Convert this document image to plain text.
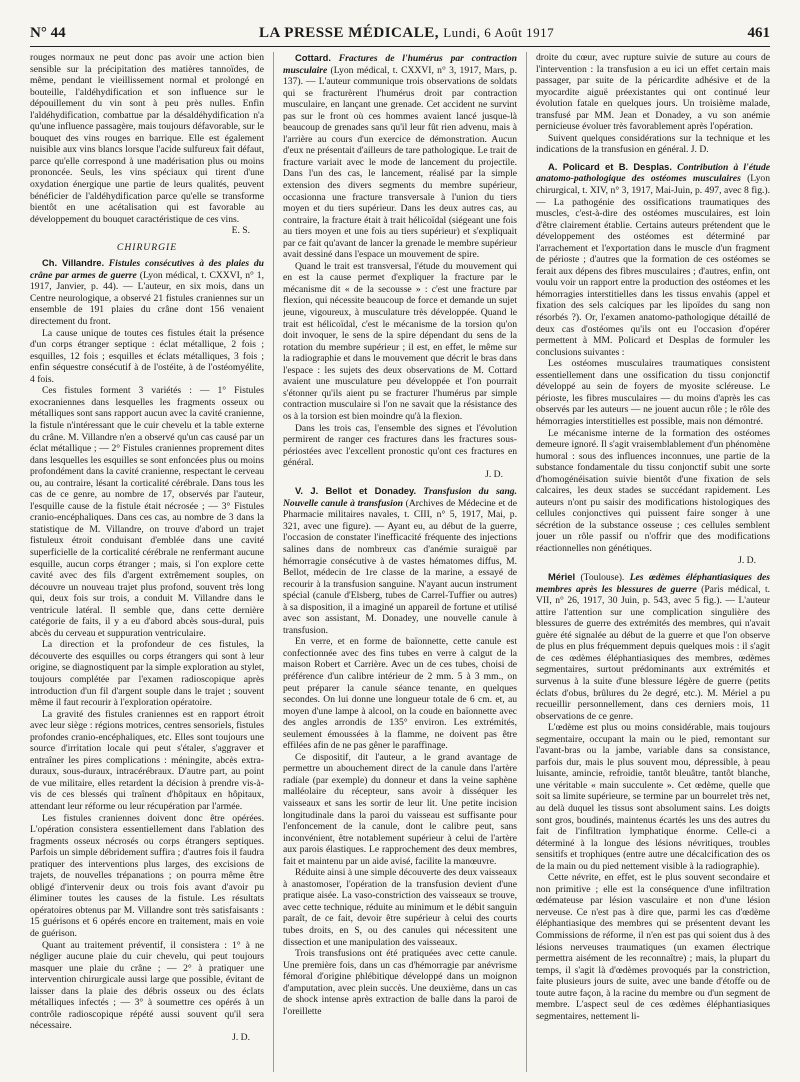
N° 44	LA PRESSE MÉDICALE, Lundi, 6 Août 1917	461

rouges normaux ne peut donc pas avoir une action bien sensible sur la précipitation des matières tannoïdes, de même, pendant le vieillissement normal et prolongé en bouteille, l'aldéhydification et son influence sur le dépouillement du vin sont à peu près nulles. Enfin l'aldéhydification, combattue par la désaldéhydification n'a qu'une influence passagère, mais toujours défavorable, sur le bouquet des vins rouges en barrique. Elle est également nuisible aux vins blancs lorsque l'acide sulfureux fait défaut, parce qu'elle correspond à une madérisation plus ou moins prononcée. Seuls, les vins spéciaux qui tirent d'une oxydation énergique une partie de leurs qualités, peuvent bénéficier de l'aldéhydification parce qu'elle se transforme bientôt en une acétalisation qui est favorable au développement du bouquet caractéristique de ces vins.

E. S.
CHIRURGIE

Ch. Villandre. Fistules consécutives à des plaies du crâne par armes de guerre (Lyon médical, t. CXXVI, n° 1, 1917, Janvier, p. 44). — L'auteur, en six mois, dans un Centre neurologique, a observé 21 fistules craniennes sur un ensemble de 191 plaies du crâne dont 156 venaient directement du front.

La cause unique de toutes ces fistules était la présence d'un corps étranger septique : éclat métallique, 2 fois ; esquilles, 12 fois ; esquilles et éclats métalliques, 3 fois ; enfin séquestre consécutif à de l'ostéite, à de l'ostéomyélite, 4 fois.

Ces fistules forment 3 variétés : — 1° Fistules exocraniennes dans lesquelles les fragments osseux ou métalliques sont sans rapport aucun avec la cavité cranienne, la fistule n'intéressant que le cuir chevelu et la table externe du crâne. M. Villandre n'en a observé qu'un cas causé par un éclat métallique ; — 2° Fistules craniennes proprement dites dans lesquelles les esquilles se sont enfoncées plus ou moins profondément dans la cavité cranienne, respectant le cerveau ou, au contraire, lésant la corticalité cérébrale. Dans tous les cas de ce genre, au nombre de 17, observés par l'auteur, l'esquille cause de la fistule était nécrosée ; — 3° Fistules cranio-encéphaliques. Dans ces cas, au nombre de 3 dans la statistique de M. Villandre, on trouve d'abord un trajet fistuleux étroit conduisant d'emblée dans une cavité superficielle de la corticalité cérébrale ne renfermant aucune esquille, aucun corps étranger ; mais, si l'on explore cette cavité avec des fils d'argent extrêmement souples, on découvre un nouveau trajet plus profond, souvent très long qui, deux fois sur trois, a conduit M. Villandre dans le ventricule latéral. Il semble que, dans cette dernière catégorie de faits, il y a eu d'abord abcès sous-dural, puis abcès du cerveau et suppuration ventriculaire.

La direction et la profondeur de ces fistules, la découverte des esquilles ou corps étrangers qui sont à leur origine, se diagnostiquent par la simple exploration au stylet, toujours complétée par l'examen radioscopique après introduction d'un fil d'argent souple dans le trajet ; souvent même il faut recourir à l'exploration opératoire.

La gravité des fistules craniennes est en rapport étroit avec leur siège : régions motrices, centres sensoriels, fistules profondes cranio-encéphaliques, etc. Elles sont toujours une source d'irritation locale qui peut s'étaler, s'aggraver et entraîner les pires complications : méningite, abcès extra-duraux, sous-duraux, intracérébraux. D'autre part, au point de vue militaire, elles retardent la décision à prendre vis-à-vis de ces blessés qui traînent d'hôpitaux en hôpitaux, attendant leur réforme ou leur récupération par l'armée.

Les fistules craniennes doivent donc être opérées. L'opération consistera essentiellement dans l'ablation des fragments osseux nécrosés ou corps étrangers septiques. Parfois un simple débridement suffira ; d'autres fois il faudra pratiquer des interventions plus larges, des excisions de trajets, de nouvelles trépanations ; on pourra même être obligé d'intervenir deux ou trois fois avant d'avoir pu éliminer toutes les causes de la fistule. Les résultats opératoires obtenus par M. Villandre sont très satisfaisants : 15 guérisons et 6 opérés encore en traitement, mais en voie de guérison.

Quant au traitement préventif, il consistera : 1° à ne négliger aucune plaie du cuir chevelu, qui peut toujours masquer une plaie du crâne ; — 2° à pratiquer une intervention chirurgicale aussi large que possible, évitant de laisser dans la plaie des débris osseux ou des éclats métalliques infectés ; — 3° à soumettre ces opérés à un contrôle radioscopique répété aussi souvent qu'il sera nécessaire.

J. D.

Cottard. Fractures de l'humérus par contraction musculaire (Lyon médical, t. CXXVI, n° 3, 1917, Mars, p. 137). — L'auteur communique trois observations de soldats qui se fracturèrent l'humérus droit par contraction musculaire, en lançant une grenade. Cet accident ne survint pas sur le front où ces hommes avaient lancé jusque-là beaucoup de grenades sans qu'il leur fût rien advenu, mais à l'arrière au cours d'un exercice de démonstration. Aucun d'eux ne présentait d'ailleurs de tare pathologique. Le trait de fracture variait avec le mode de lancement du projectile. Dans l'un des cas, le lancement, réalisé par la simple extension des divers segments du membre supérieur, occasionna une fracture transversale à l'union du tiers moyen et du tiers supérieur. Dans les deux autres cas, au contraire, la fracture était à trait hélicoïdal (siégeant une fois au tiers moyen et une fois au tiers supérieur) et s'expliquait par ce fait qu'avant de lancer la grenade le membre supérieur avait dessiné dans l'espace un mouvement de spire.

Quand le trait est transversal, l'étude du mouvement qui en est la cause permet d'expliquer la fracture par le mécanisme dit « de la secousse » : c'est une fracture par flexion, qui nécessite beaucoup de force et demande un sujet jeune, vigoureux, à musculature très développée. Quand le trait est hélicoïdal, c'est le mécanisme de la torsion qu'on doit invoquer, le sens de la spire dépendant du sens de la rotation du membre supérieur ; il est, en effet, le même sur la radiographie et dans le mouvement que décrit le bras dans l'espace : les sujets des deux observations de M. Cottard avaient une musculature peu développée et l'on pourrait s'étonner qu'ils aient pu se fracturer l'humérus par simple contraction musculaire si l'on ne savait que la résistance des os à la torsion est bien moindre qu'à la flexion.

Dans les trois cas, l'ensemble des signes et l'évolution permirent de ranger ces fractures dans les fractures sous-périostées avec l'excellent pronostic qu'ont ces fractures en général.

J. D.

V. J. Bellot et Donadey. Transfusion du sang. Nouvelle canule à transfusion (Archives de Médecine et de Pharmacie militaires navales, t. CIII, n° 5, 1917, Mai, p. 321, avec une figure). — Ayant eu, au début de la guerre, l'occasion de constater l'inefficacité fréquente des injections salines dans de nombreux cas d'anémie suraiguë par hémorragie consécutive à de vastes hématomes diffus, M. Bellot, médecin de 1re classe de la marine, a essayé de recourir à la transfusion sanguine. N'ayant aucun instrument spécial (canule d'Elsberg, tubes de Carrel-Tuffier ou autres) à sa disposition, il a imaginé un appareil de fortune et utilisé avec son assistant, M. Donadey, une nouvelle canule à transfusion.

En verre, et en forme de baïonnette, cette canule est confectionnée avec des fins tubes en verre à calgut de la maison Robert et Carrière. Avec un de ces tubes, choisi de préférence d'un calibre intérieur de 2 mm. 5 à 3 mm., on peut préparer la canule séance tenante, en quelques secondes. On lui donne une longueur totale de 6 cm. et, au moyen d'une lampe à alcool, on la coude en baïonnette avec des angles arrondis de 135° environ. Les extrémités, seulement émoussées à la flamme, ne doivent pas être effilées afin de ne pas gêner le paraffinage.

Ce dispositif, dit l'auteur, a le grand avantage de permettre un abouchement direct de la canule dans l'artère radiale (par exemple) du donneur et dans la veine saphène malléolaire du récepteur, sans avoir à disséquer les vaisseaux et sans les sortir de leur lit. Une petite incision longitudinale dans la paroi du vaisseau est suffisante pour l'enfoncement de la canule, dont le calibre peut, sans inconvénient, être notablement supérieur à celui de l'artère aux parois élastiques. Le rapprochement des deux membres, fait et maintenu par un aide avisé, facilite la manœuvre.

Réduite ainsi à une simple découverte des deux vaisseaux à anastomoser, l'opération de la transfusion devient d'une pratique aisée. La vaso-constriction des vaisseaux se trouve, avec cette technique, réduite au minimum et le débit sanguin paraît, de ce fait, devoir être supérieur à celui des courts tubes droits, en S, ou des canules qui nécessitent une dissection et une manipulation des vaisseaux.

Trois transfusions ont été pratiquées avec cette canule. Une première fois, dans un cas d'hémorragie par anévrisme fémoral d'origine phlébitique développé dans un moignon d'amputation, avec plein succès. Une deuxième, dans un cas de shock intense après extraction de balle dans la paroi de l'oreillette

droite du cœur, avec rupture suivie de suture au cours de l'intervention : la transfusion a eu ici un effet certain mais passager, par suite de la péricardite adhésive et de la myocardite aiguë préexistantes qui ont continué leur évolution fatale en quelques jours. Un troisième malade, transfusé par MM. Jean et Donadey, a vu son anémie pernicieuse évoluer très favorablement après l'opération.

Suivent quelques considérations sur la technique et les indications de la transfusion en général. J. D.

A. Policard et B. Desplas. Contribution à l'étude anatomo-pathologique des ostéomes musculaires (Lyon chirurgical, t. XIV, n° 3, 1917, Mai-Juin, p. 497, avec 8 fig.). — La pathogénie des ossifications traumatiques des muscles, c'est-à-dire des ostéomes musculaires, est loin d'être clairement établie. Certains auteurs prétendent que le développement des ostéomes est déterminé par l'arrachement et l'exportation dans le muscle d'un fragment de périoste ; d'autres que la formation de ces ostéomes se ferait aux dépens des fibres musculaires ; d'autres, enfin, ont voulu voir un rapport entre la production des ostéomes et les hémorragies interstitielles dans les tissus envahis (appel et fixation des sels calciques par les lipoïdes du sang non résorbés ?). Or, l'examen anatomo-pathologique détaillé de deux cas d'ostéomes qu'ils ont eu l'occasion d'opérer permettent à MM. Policard et Desplas de formuler les conclusions suivantes :

Les ostéomes musculaires traumatiques consistent essentiellement dans une ossification du tissu conjonctif développé au sein de foyers de myosite scléreuse. Le périoste, les fibres musculaires — du moins d'après les cas observés par les auteurs — ne jouent aucun rôle ; le rôle des hémorragies interstitielles est possible, mais non démontré.

Le mécanisme interne de la formation des ostéomes demeure ignoré. Il s'agit vraisemblablement d'un phénomène humoral : sous des influences inconnues, une partie de la substance fondamentale du tissu conjonctif subit une sorte d'homogénéisation suivie bientôt d'une fixation de sels calcaires, les deux stades se succédant rapidement. Les auteurs n'ont pu saisir des modifications histologiques des cellules conjonctives qui puissent faire songer à une sécrétion de la substance osseuse ; ces cellules semblent jouer un rôle passif ou n'offrir que des modifications réactionnelles non génétiques.

J. D.

Mériel (Toulouse). Les œdèmes éléphantiasiques des membres après les blessures de guerre (Paris médical, t. VII, n° 26, 1917, 30 Juin, p. 543, avec 5 fig.). — L'auteur attire l'attention sur une complication singulière des blessures de guerre des extrémités des membres, qui n'avait guère été signalée au début de la guerre et que l'on observe de plus en plus fréquemment depuis quelques mois : il s'agit de ces œdèmes éléphantiasiques des membres, œdèmes segmentaires, surtout prédominants aux extrémités et survenus à la suite d'une blessure légère de guerre (petits éclats d'obus, brûlures du 2e degré, etc.). M. Mériel a pu recueillir personnellement, dans ces derniers mois, 11 observations de ce genre.

L'œdème est plus ou moins considérable, mais toujours segmentaire, occupant la main ou le pied, remontant sur l'avant-bras ou la jambe, variable dans sa consistance, parfois dur, mais le plus souvent mou, dépressible, à peau luisante, amincie, refroidie, tantôt bleuâtre, tantôt blanche, une véritable « main succulente ». Cet œdème, quelle que soit sa limite supérieure, se termine par un bourrelet très net, au delà duquel les tissus sont absolument sains. Les doigts sont gros, boudinés, maintenus écartés les uns des autres du fait de l'infiltration lymphatique énorme. Celle-ci a déterminé à la longue des lésions névritiques, troubles sensitifs et trophiques (entre autre une décalcification des os de la main ou du pied nettement visible à la radiographie).

Cette névrite, en effet, est le plus souvent secondaire et non primitive ; elle est la conséquence d'une infiltration œdémateuse par lésion vasculaire et non d'une lésion nerveuse. Ce n'est pas à dire que, parmi les cas d'œdème éléphantiasique des membres qui se présentent devant les Commissions de réforme, il n'en est pas qui soient dus à des lésions nerveuses traumatiques (un examen électrique permettra aisément de les reconnaître) ; mais, la plupart du temps, il s'agit là d'œdèmes provoqués par la constriction, faite plusieurs jours de suite, avec une bande d'étoffe ou de toute autre façon, à la racine du membre ou d'un segment de membre. L'aspect seul de ces œdèmes éléphantiasiques segmentaires, nettement li-
